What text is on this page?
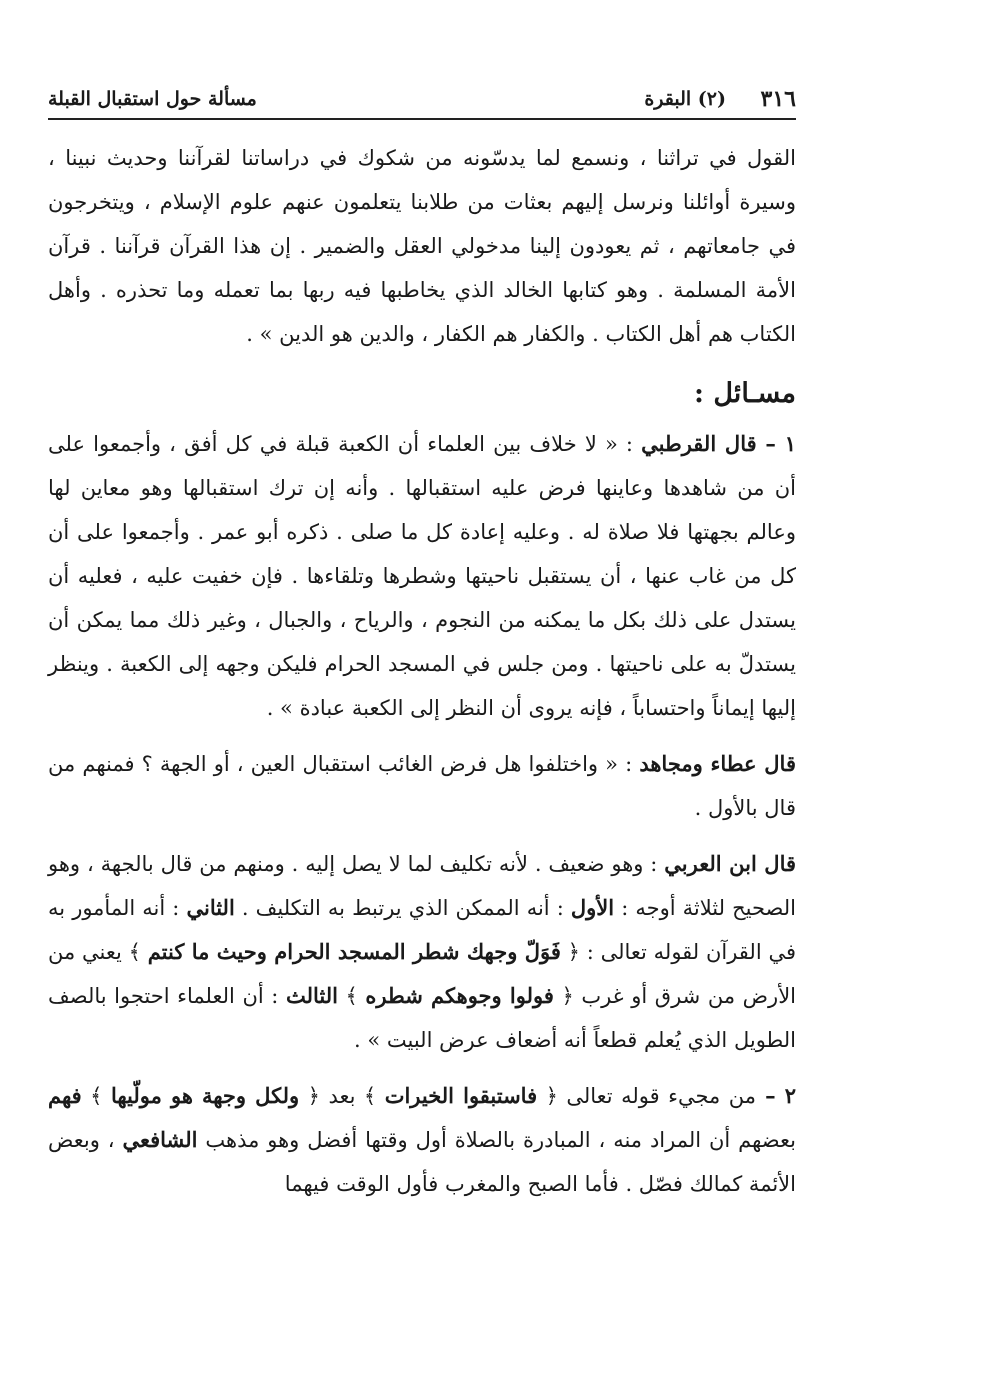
٣١٦
(٢) البقرة
مسألة حول استقبال القبلة

القول في تراثنا ، ونسمع لما يدسّونه من شكوك في دراساتنا لقرآننا وحديث نبينا ، وسيرة أوائلنا ونرسل إليهم بعثات من طلابنا يتعلمون عنهم علوم الإسلام ، ويتخرجون في جامعاتهم ، ثم يعودون إلينا مدخولي العقل والضمير . إن هذا القرآن قرآننا . قرآن الأمة المسلمة . وهو كتابها الخالد الذي يخاطبها فيه ربها بما تعمله وما تحذره . وأهل الكتاب هم أهل الكتاب . والكفار هم الكفار ، والدين هو الدين » .

مسـائل :

١ – قال القرطبي : « لا خلاف بين العلماء أن الكعبة قبلة في كل أفق ، وأجمعوا على أن من شاهدها وعاينها فرض عليه استقبالها . وأنه إن ترك استقبالها وهو معاين لها وعالم بجهتها فلا صلاة له . وعليه إعادة كل ما صلى . ذكره أبو عمر . وأجمعوا على أن كل من غاب عنها ، أن يستقبل ناحيتها وشطرها وتلقاءها . فإن خفيت عليه ، فعليه أن يستدل على ذلك بكل ما يمكنه من النجوم ، والرياح ، والجبال ، وغير ذلك مما يمكن أن يستدلّ به على ناحيتها . ومن جلس في المسجد الحرام فليكن وجهه إلى الكعبة . وينظر إليها إيماناً واحتساباً ، فإنه يروى أن النظر إلى الكعبة عبادة » .

قال عطاء ومجاهد : « واختلفوا هل فرض الغائب استقبال العين ، أو الجهة ؟ فمنهم من قال بالأول .

قال ابن العربي : وهو ضعيف . لأنه تكليف لما لا يصل إليه . ومنهم من قال بالجهة ، وهو الصحيح لثلاثة أوجه : الأول : أنه الممكن الذي يرتبط به التكليف . الثاني : أنه المأمور به في القرآن لقوله تعالى : ﴿ فَوَلّ وجهك شطر المسجد الحرام وحيث ما كنتم ﴾ يعني من الأرض من شرق أو غرب ﴿ فولوا وجوهكم شطره ﴾ الثالث : أن العلماء احتجوا بالصف الطويل الذي يُعلم قطعاً أنه أضعاف عرض البيت » .

٢ – من مجيء قوله تعالى ﴿ فاستبقوا الخيرات ﴾ بعد ﴿ ولكل وجهة هو مولّيها ﴾ فهم بعضهم أن المراد منه ، المبادرة بالصلاة أول وقتها أفضل وهو مذهب الشافعي ، وبعض الأئمة كمالك فصّل . فأما الصبح والمغرب فأول الوقت فيهما
